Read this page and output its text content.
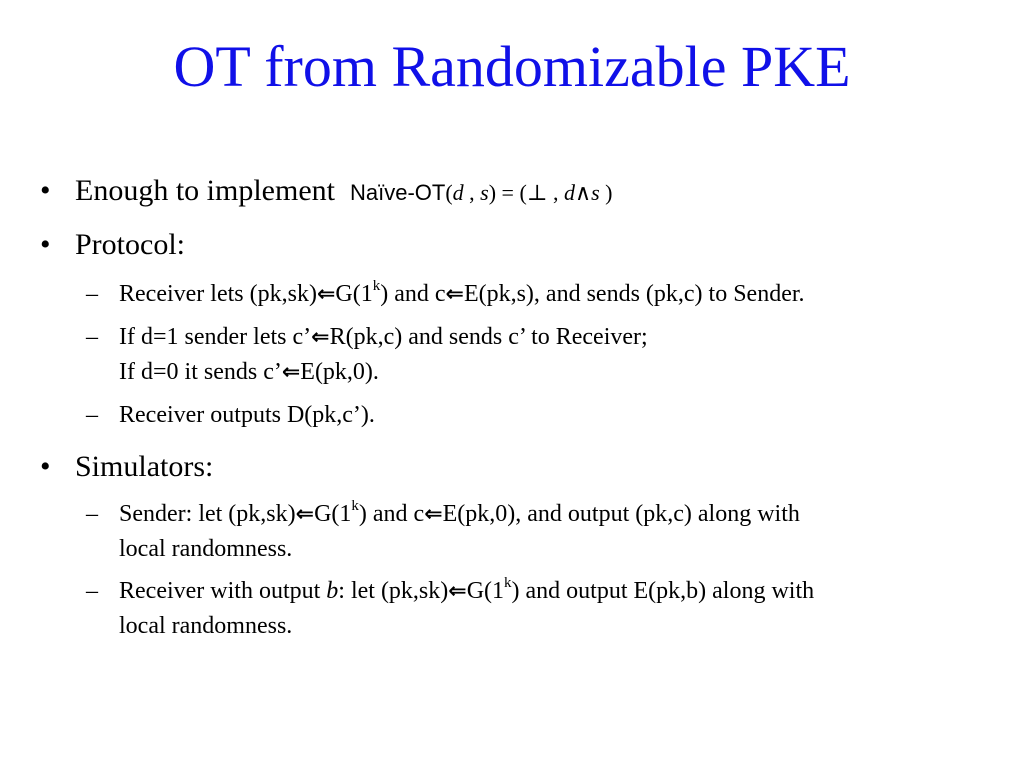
OT from Randomizable PKE
• Enough to implement Naïve-OT(d , s) = (⊥ , d∧s )
• Protocol:
– Receiver lets (pk,sk)⇐G(1$^k$) and c⇐E(pk,s), and sends (pk,c) to Sender.
– If d=1 sender lets c’⇐R(pk,c) and sends c’ to Receiver;
If d=0 it sends c’⇐E(pk,0).
– Receiver outputs D(pk,c’).
• Simulators:
– Sender: let (pk,sk)⇐G(1$^k$) and c⇐E(pk,0), and output (pk,c) along with
local randomness.
– Receiver with output b: let (pk,sk)⇐G(1$^k$) and output E(pk,b) along with
local randomness.
